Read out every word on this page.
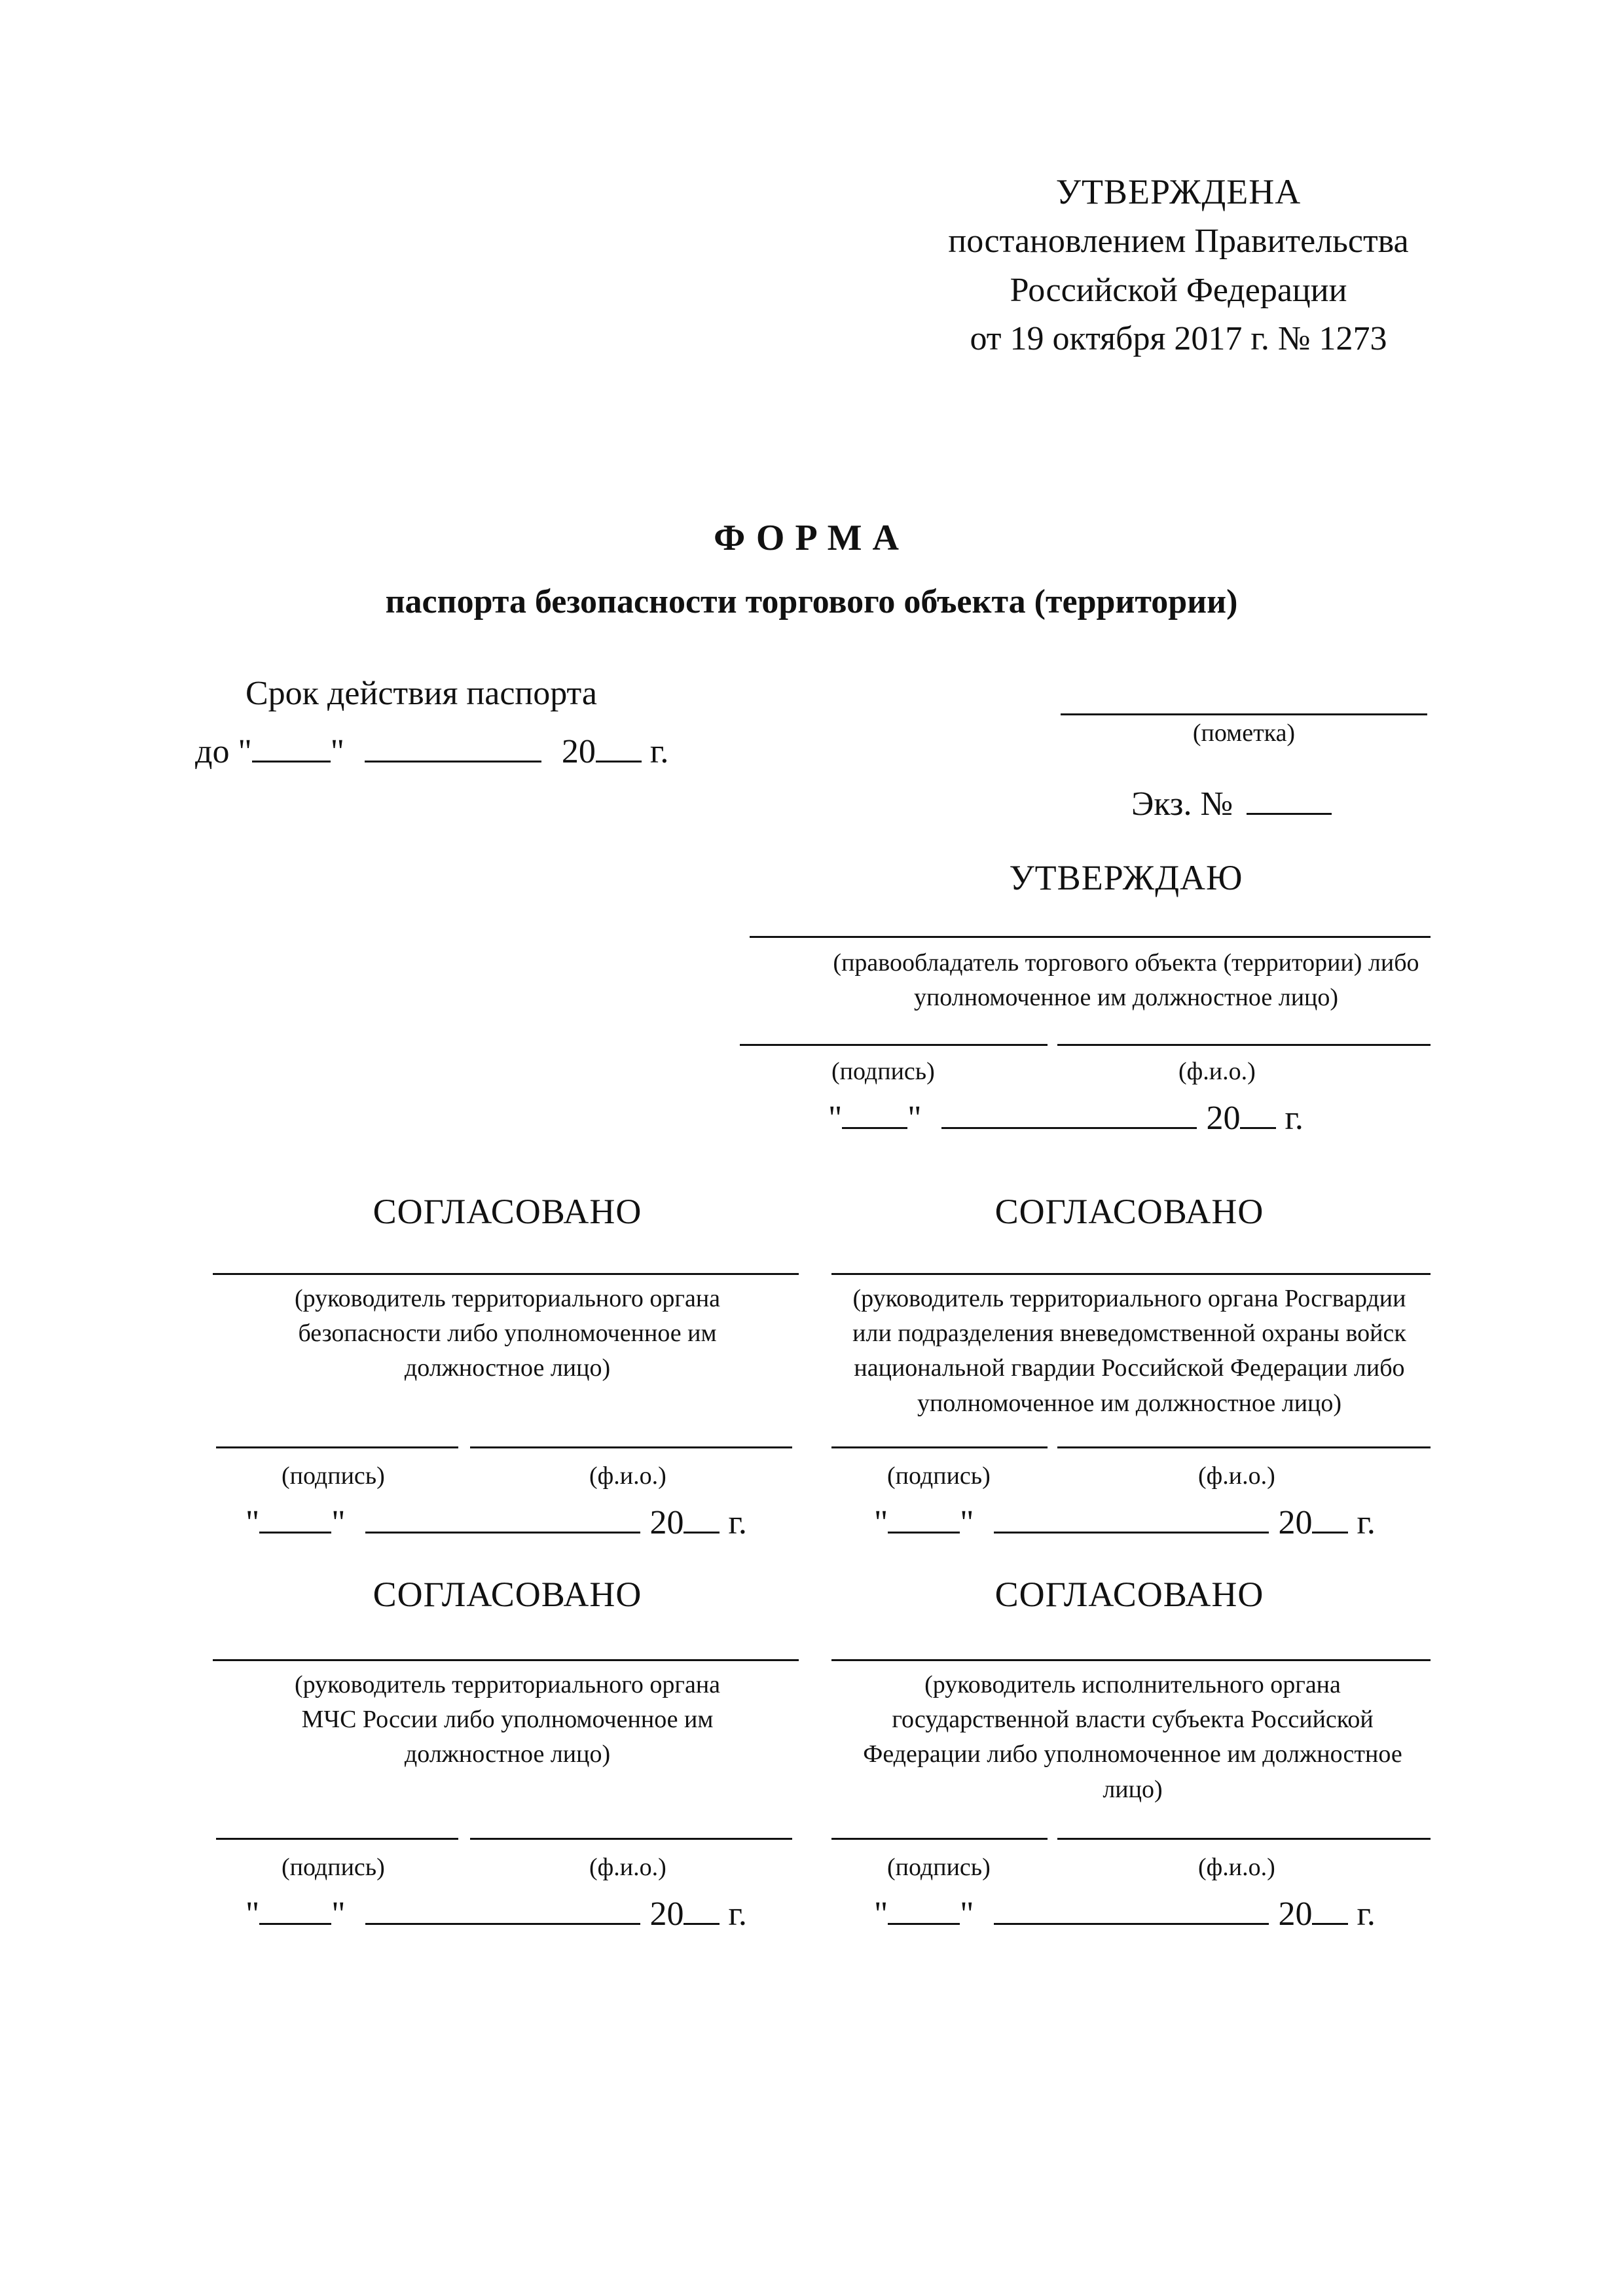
УТВЕРЖДЕНА
постановлением Правительства
Российской Федерации
от 19 октября 2017 г. № 1273
ФОРМА
паспорта безопасности торгового объекта (территории)
Срок действия паспорта
до " "	20 г.	(пометка)
Экз. №
УТВЕРЖДАЮ
(правообладатель торгового объекта (территории) либо
уполномоченное им должностное лицо)
(подпись)	(ф.и.о.)
" "	20 г.
СОГЛАСОВАНО
(руководитель территориального органа
безопасности либо уполномоченное им
должностное лицо)
(подпись)	(ф.и.о.)
" "	20 г.
СОГЛАСОВАНО
(руководитель территориального органа Росгвардии
или подразделения вневедомственной охраны войск
национальной гвардии Российской Федерации либо
уполномоченное им должностное лицо)
(подпись)	(ф.и.о.)
" "	20 г.
СОГЛАСОВАНО
(руководитель территориального органа
МЧС России либо уполномоченное им
должностное лицо)
(подпись)	(ф.и.о.)
" "	20 г.
СОГЛАСОВАНО
(руководитель исполнительного органа
государственной власти субъекта Российской
Федерации либо уполномоченное им должностное
лицо)
(подпись)	(ф.и.о.)
" "	20 г.
